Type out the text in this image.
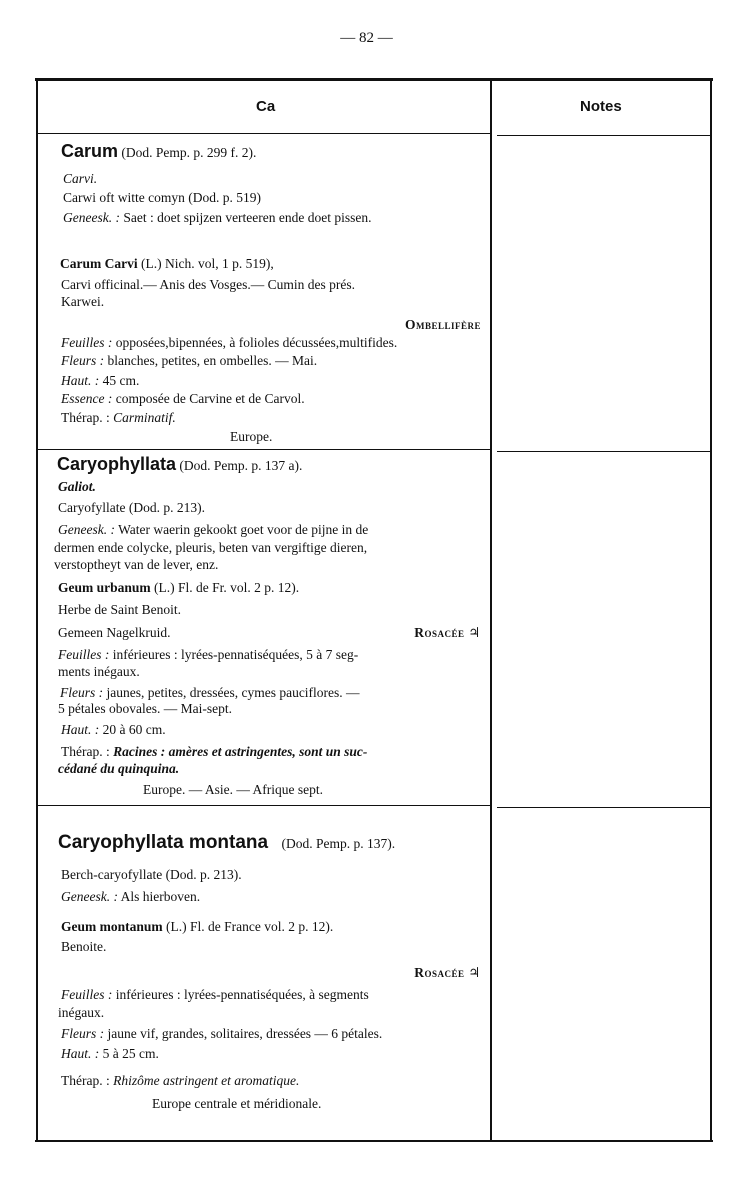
— 82 —
Ca	Notes
Carum (Dod. Pemp. p. 299 f. 2).
Carvi.
Carwi oft witte comyn (Dod. p. 519)
Geneesk. : Saet : doet spijzen verteeren ende doet pissen.
Carum Carvi (L.) Nich. vol, 1 p. 519),
Carvi officinal.— Anis des Vosges.— Cumin des prés.
Karwei.
Ombellifère
Feuilles : opposées,bipennées, à folioles décussées,multifides.
Fleurs : blanches, petites, en ombelles. — Mai.
Haut. : 45 cm.
Essence : composée de Carvine et de Carvol.
Thérap. : Carminatif.
Europe.
Caryophyllata (Dod. Pemp. p. 137 a).
Galiot.
Caryofyllate (Dod. p. 213).
Geneesk. : Water waerin gekookt goet voor de pijne in de
dermen ende colycke, pleuris, beten van vergiftige dieren,
verstoptheyt van de lever, enz.
Geum urbanum (L.) Fl. de Fr. vol. 2 p. 12).
Herbe de Saint Benoit.
Gemeen Nagelkruid.	Rosacée ♃
Feuilles : inférieures : lyrées-pennatiséquées, 5 à 7 seg-
ments inégaux.
Fleurs : jaunes, petites, dressées, cymes pauciflores. —
5 pétales obovales. — Mai-sept.
Haut. : 20 à 60 cm.
Thérap. : Racines : amères et astringentes, sont un suc-
cédané du quinquina.
Europe. — Asie. — Afrique sept.
Caryophyllata montana (Dod. Pemp. p. 137).
Berch-caryofyllate (Dod. p. 213).
Geneesk. : Als hierboven.
Geum montanum (L.) Fl. de France vol. 2 p. 12).
Benoite.
Rosacée ♃
Feuilles : inférieures : lyrées-pennatiséquées, à segments
inégaux.
Fleurs : jaune vif, grandes, solitaires, dressées — 6 pétales.
Haut. : 5 à 25 cm.
Thérap. : Rhizôme astringent et aromatique.
Europe centrale et méridionale.
